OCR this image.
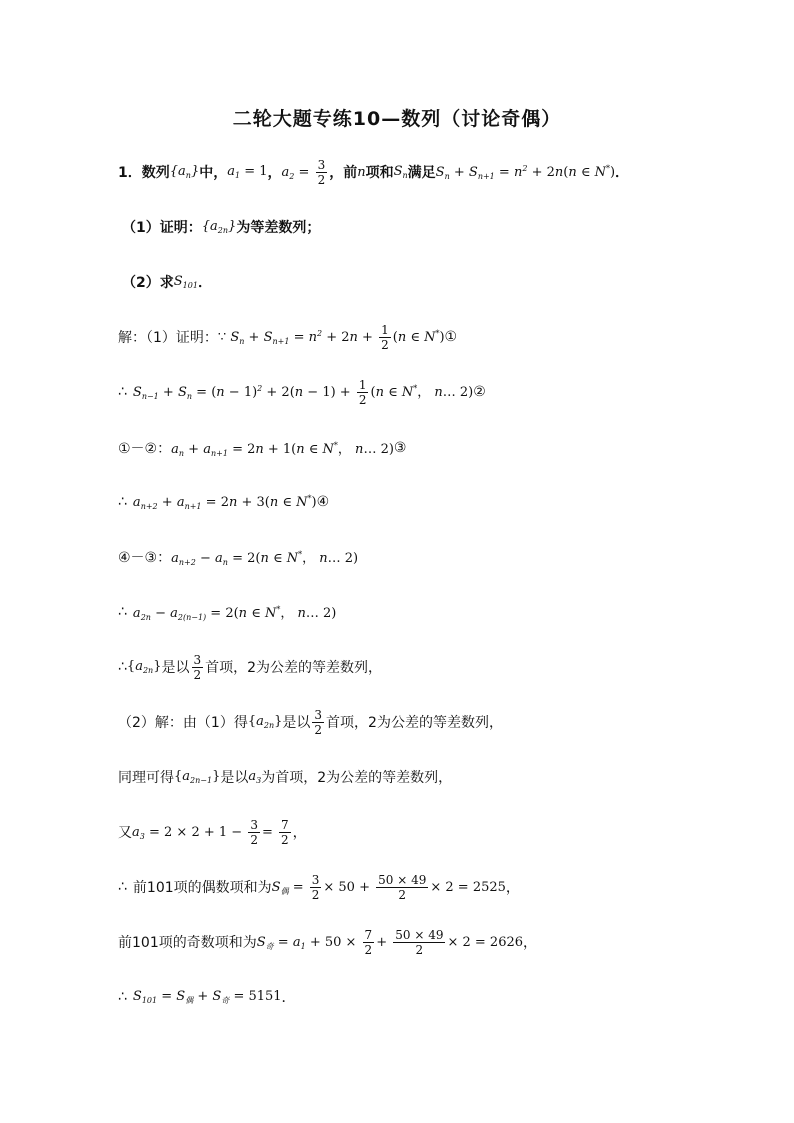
二轮大题专练10—数列（讨论奇偶）
1． 数列 $\{a_n\}$ 中， $a_1 = 1$ ， $a_2 = \frac{3}{2}$ ，前 n 项和 $S_n$ 满足 $S_n + S_{n+1} = n^2 + 2n(n$ ∈ N*) ．
（1）证明： $\{a_{2n}\}$ 为等差数列；
（2）求 $S_{101}$ ．
解：（1）证明： ∵ $S_n + S_{n+1} = n^2 + 2n + \frac{1}{2} (n$ ∈ N*) ①
∴ $S_{n-1} + S_n = (n - 1)^2 + 2(n - 1) + \frac{1}{2} (n$ ∈ N*， n… 2) ②
①－②： $a_n + a_{n+1} = 2n + 1(n$ ∈ N*， n… 2) ③
∴ $a_{n+2} + a_{n+1} = 2n + 3(n$ ∈ N*) ④
④－③： $a_{n+2} - a_n = 2(n$ ∈ N*， n… 2)
∴ $a_{2n} - a_{2(n-1)} = 2(n$ ∈ N*， n… 2)
∴ $\{a_{2n}\}$ 是以 $\frac{3}{2}$ 首项，2为公差的等差数列，
（2）解：由（1）得 $\{a_{2n}\}$ 是以 $\frac{3}{2}$ 首项，2为公差的等差数列，
同理可得 $\{a_{2n-1}\}$ 是以 $a_3$ 为首项，2为公差的等差数列，
又 $a_3 = 2 \times 2 + 1 - \frac{3}{2} = \frac{7}{2}$ ，
∴ 前101项的偶数项和为 $S_偶 = \frac{3}{2} \times 50 + \frac{50 \times 49}{2} \times 2 = 2525$ ，
前101项的奇数项和为 $S_奇 = a_1 + 50 \times \frac{7}{2} + \frac{50 \times 49}{2} \times 2 = 2626$ ，
∴ $S_{101} = S_偶 + S_奇 = 5151$ ．
